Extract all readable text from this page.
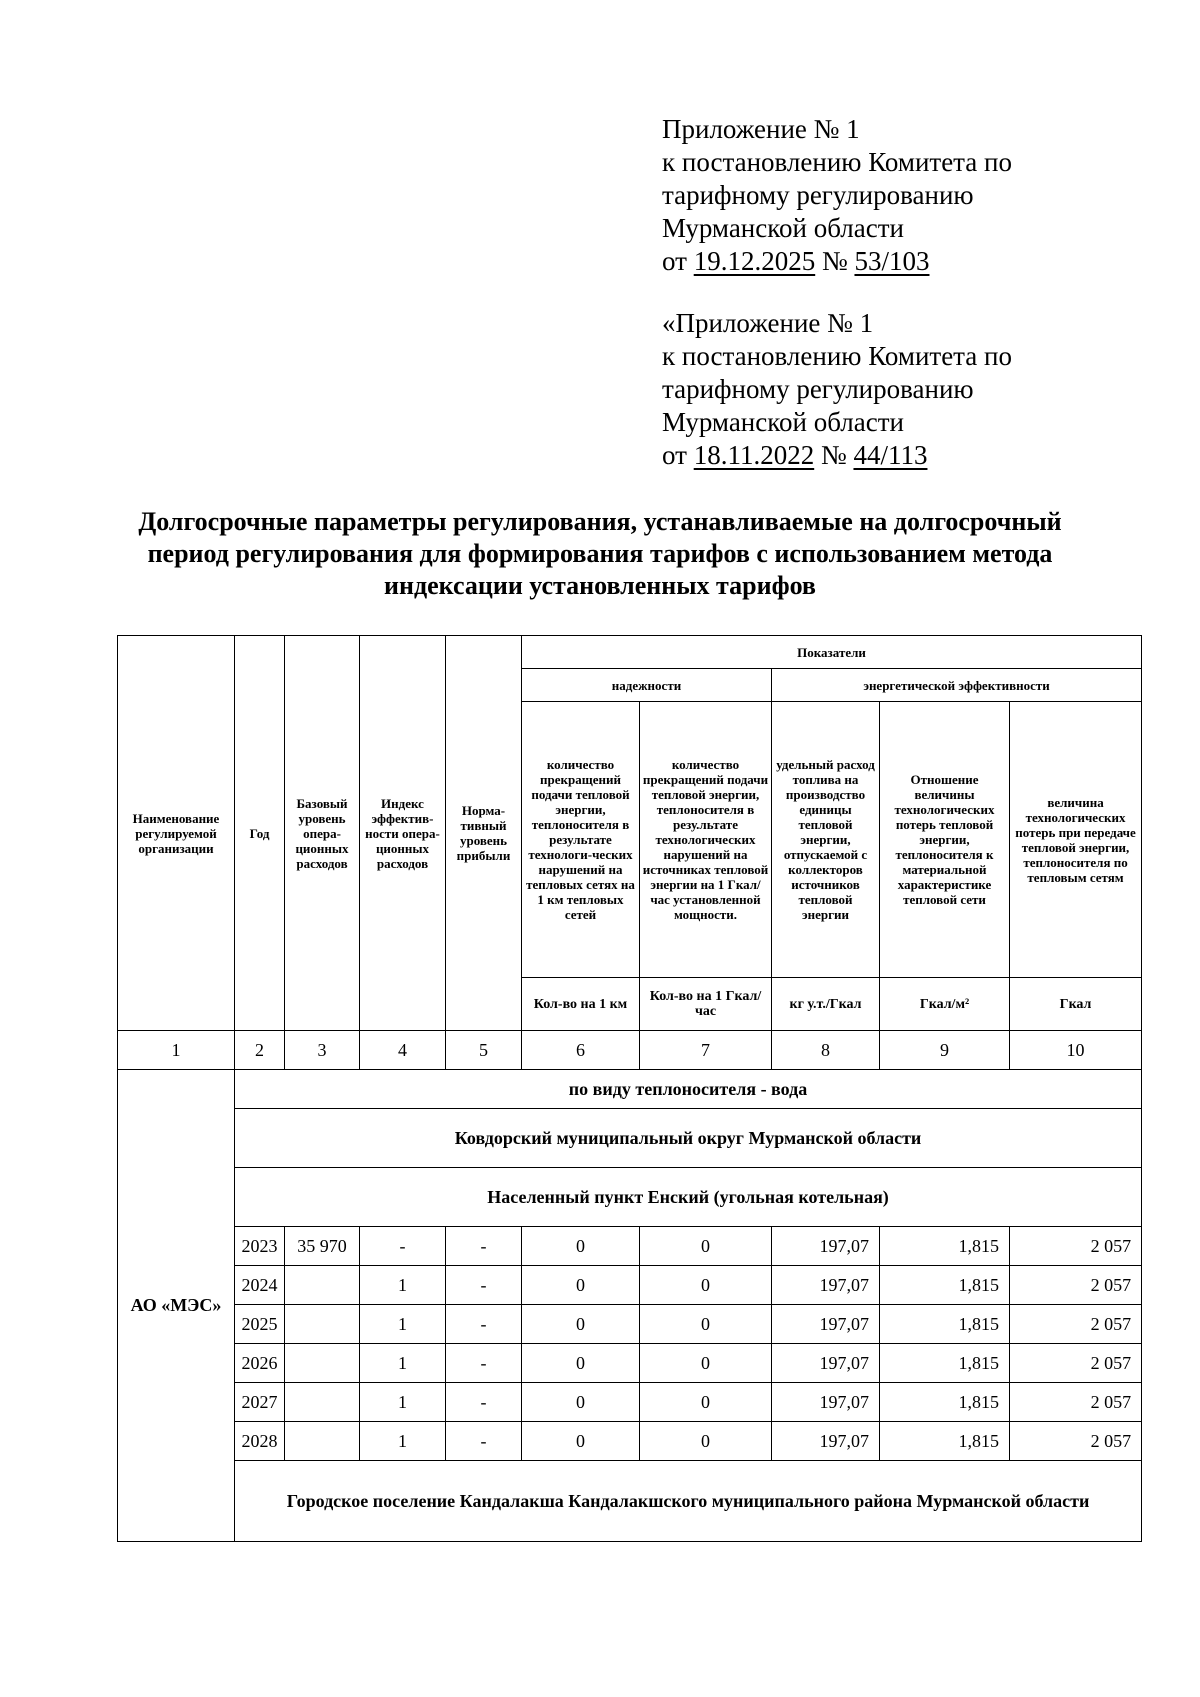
Приложение № 1

к постановлению Комитета по

тарифному регулированию

Мурманской области

от 19.12.2025 № 53/103

«Приложение № 1

к постановлению Комитета по

тарифному регулированию

Мурманской области

от 18.11.2022 № 44/113

Долгосрочные параметры регулирования, устанавливаемые на долгосрочный период регулирования для формирования тарифов с использованием метода индексации установленных тарифов
Наименование регулируемой организации	Год	Базовый уровень опера-ционных расходов	Индекс эффектив-ности опера-ционных расходов	Норма-тивный уровень прибыли	Показатели				
					надежности		энергетической эффективности		
					количество прекращений подачи тепловой энергии, теплоносителя в результате технологи-ческих нарушений на тепловых сетях на 1 км тепловых сетей	количество прекращений подачи тепловой энергии, теплоносителя в резу.льтате технологических нарушений на источниках тепловой энергии на 1 Гкал/час установленной мощности.	удельный расход топлива на производство единицы тепловой энергии, отпускаемой с коллекторов источников тепловой энергии	Отношение величины технологических потерь тепловой энергии, теплоносителя к материальной характеристике тепловой сети	величина технологических потерь при передаче тепловой энергии, теплоносителя по тепловым сетям
					Кол-во на 1 км	Кол-во на 1 Гкал/час	кг у.т./Гкал	Гкал/м²	Гкал
1	2	3	4	5	6	7	8	9	10
АО «МЭС»	по виду теплоносителя - вода								
	Ковдорский муниципальный округ Мурманской области								
	Населенный пункт Енский (угольная котельная)								
	2023	35 970	-	-	0	0	197,07	1,815	2 057
	2024		1	-	0	0	197,07	1,815	2 057
	2025		1	-	0	0	197,07	1,815	2 057
	2026		1	-	0	0	197,07	1,815	2 057
	2027		1	-	0	0	197,07	1,815	2 057
	2028		1	-	0	0	197,07	1,815	2 057
	Городское поселение Кандалакша Кандалакшского муниципального района Мурманской области								
